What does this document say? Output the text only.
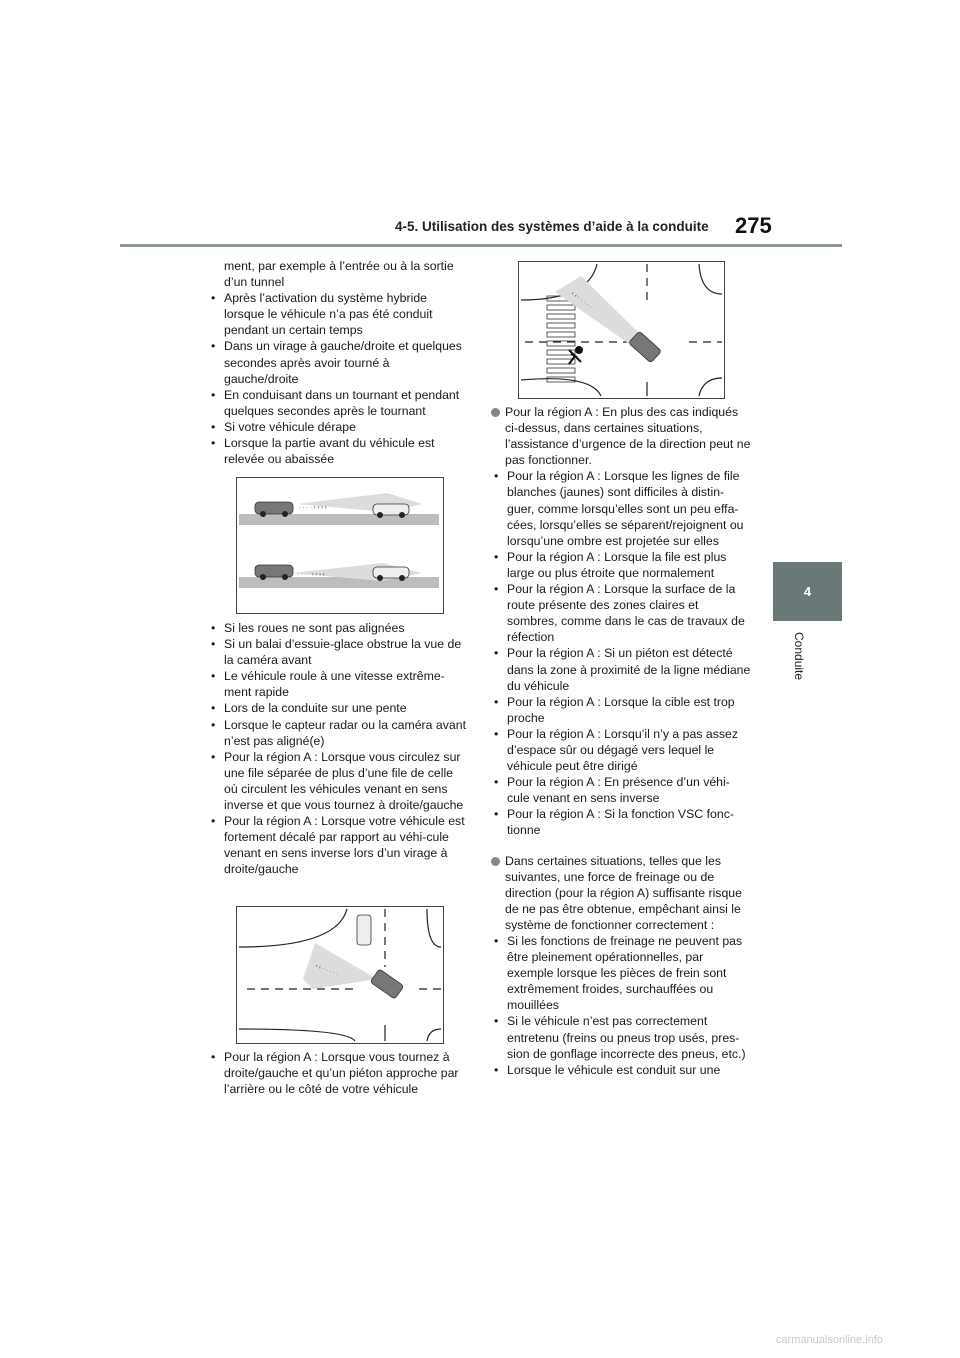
4-5. Utilisation des systèmes d’aide à la conduite 275
4
Conduite

ment, par exemple à l’entrée ou à la sortie d’un tunnel

• Après l’activation du système hybride lorsque le véhicule n’a pas été conduit pendant un certain temps

• Dans un virage à gauche/droite et quelques secondes après avoir tourné à gauche/droite

• En conduisant dans un tournant et pendant quelques secondes après le tournant

• Si votre véhicule dérape

• Lorsque la partie avant du véhicule est relevée ou abaissée

· · · · › › › ›
· · · · › › › ›

• Si les roues ne sont pas alignées

• Si un balai d’essuie-glace obstrue la vue de la caméra avant

• Le véhicule roule à une vitesse extrême-ment rapide

• Lors de la conduite sur une pente

• Lorsque le capteur radar ou la caméra avant n’est pas aligné(e)

• Pour la région A : Lorsque vous circulez sur une file séparée de plus d’une file de celle où circulent les véhicules venant en sens inverse et que vous tournez à droite/gauche

• Pour la région A : Lorsque votre véhicule est fortement décalé par rapport au véhi-cule venant en sens inverse lors d’un virage à droite/gauche

‹ ‹ · · · · ·

• Pour la région A : Lorsque vous tournez à droite/gauche et qu’un piéton approche par l’arrière ou le côté de votre véhicule

‹ ‹ · · · · ·

Pour la région A : En plus des cas indiqués ci-dessus, dans certaines situations, l’assistance d’urgence de la direction peut ne pas fonctionner.

• Pour la région A : Lorsque les lignes de file blanches (jaunes) sont difficiles à distin-guer, comme lorsqu’elles sont un peu effa-cées, lorsqu’elles se séparent/rejoignent ou lorsqu’une ombre est projetée sur elles

• Pour la région A : Lorsque la file est plus large ou plus étroite que normalement

• Pour la région A : Lorsque la surface de la route présente des zones claires et sombres, comme dans le cas de travaux de réfection

• Pour la région A : Si un piéton est détecté dans la zone à proximité de la ligne médiane du véhicule

• Pour la région A : Lorsque la cible est trop proche

• Pour la région A : Lorsqu’il n’y a pas assez d’espace sûr ou dégagé vers lequel le véhicule peut être dirigé

• Pour la région A : En présence d’un véhi-cule venant en sens inverse

• Pour la région A : Si la fonction VSC fonc-tionne

Dans certaines situations, telles que les suivantes, une force de freinage ou de direction (pour la région A) suffisante risque de ne pas être obtenue, empêchant ainsi le système de fonctionner correctement :

• Si les fonctions de freinage ne peuvent pas être pleinement opérationnelles, par exemple lorsque les pièces de frein sont extrêmement froides, surchauffées ou mouillées

• Si le véhicule n’est pas correctement entretenu (freins ou pneus trop usés, pres-sion de gonflage incorrecte des pneus, etc.)

• Lorsque le véhicule est conduit sur une

carmanualsonline.info
